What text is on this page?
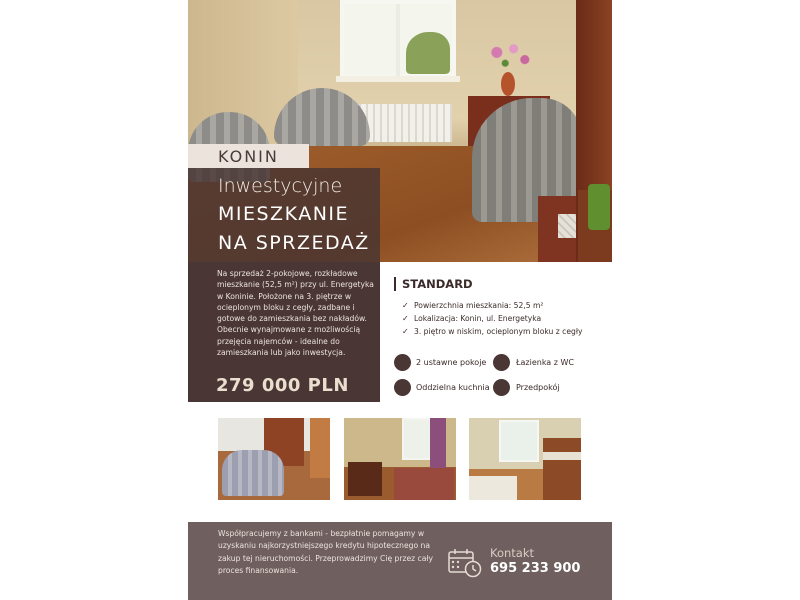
KONIN
Inwestycyjne
MIESZKANIE
NA SPRZEDAŻ
Na sprzedaż 2-pokojowe, rozkładowe mieszkanie (52,5 m²) przy ul. Energetyka w Koninie. Położone na 3. piętrze w ocieplonym bloku z cegły, zadbane i gotowe do zamieszkania bez nakładów. Obecnie wynajmowane z możliwością przejęcia najemców - idealne do zamieszkania lub jako inwestycja.
279 000 PLN
STANDARD
✓ Powierzchnia mieszkania: 52,5 m²
✓ Lokalizacja: Konin, ul. Energetyka
✓ 3. piętro w niskim, ocieplonym bloku z cegły
2 ustawne pokoje	Łazienka z WC
Oddzielna kuchnia	Przedpokój
Współpracujemy z bankami - bezpłatnie pomagamy w uzyskaniu najkorzystniejszego kredytu hipotecznego na zakup tej nieruchomości. Przeprowadzimy Cię przez cały proces finansowania.
Kontakt
695 233 900
